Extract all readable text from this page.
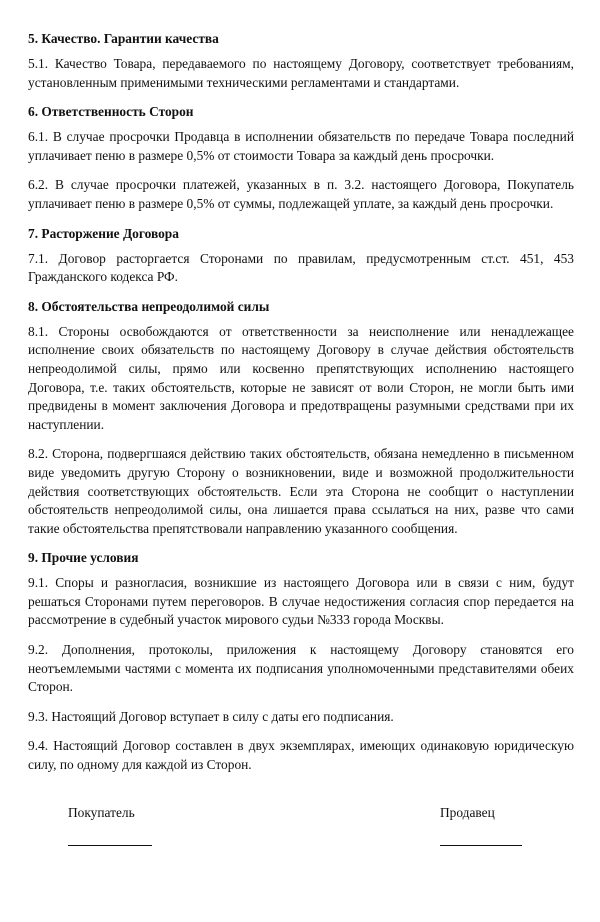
5. Качество. Гарантии качества

5.1. Качество Товара, передаваемого по настоящему Договору, соответствует требованиям, установленным применимыми техническими регламентами и стандартами.

6. Ответственность Сторон

6.1. В случае просрочки Продавца в исполнении обязательств по передаче Товара последний уплачивает пеню в размере 0,5% от стоимости Товара за каждый день просрочки.

6.2. В случае просрочки платежей, указанных в п. 3.2. настоящего Договора, Покупатель уплачивает пеню в размере 0,5% от суммы, подлежащей уплате, за каждый день просрочки.

7. Расторжение Договора

7.1. Договор расторгается Сторонами по правилам, предусмотренным ст.ст. 451, 453 Гражданского кодекса РФ.

8. Обстоятельства непреодолимой силы

8.1. Стороны освобождаются от ответственности за неисполнение или ненадлежащее исполнение своих обязательств по настоящему Договору в случае действия обстоятельств непреодолимой силы, прямо или косвенно препятствующих исполнению настоящего Договора, т.е. таких обстоятельств, которые не зависят от воли Сторон, не могли быть ими предвидены в момент заключения Договора и предотвращены разумными средствами при их наступлении.

8.2. Сторона, подвергшаяся действию таких обстоятельств, обязана немедленно в письменном виде уведомить другую Сторону о возникновении, виде и возможной продолжительности действия соответствующих обстоятельств. Если эта Сторона не сообщит о наступлении обстоятельств непреодолимой силы, она лишается права ссылаться на них, разве что сами такие обстоятельства препятствовали направлению указанного сообщения.

9. Прочие условия

9.1. Споры и разногласия, возникшие из настоящего Договора или в связи с ним, будут решаться Сторонами путем переговоров. В случае недостижения согласия спор передается на рассмотрение в судебный участок мирового судьи №333 города Москвы.

9.2. Дополнения, протоколы, приложения к настоящему Договору становятся его неотъемлемыми частями с момента их подписания уполномоченными представителями обеих Сторон.

9.3. Настоящий Договор вступает в силу с даты его подписания.

9.4. Настоящий Договор составлен в двух экземплярах, имеющих одинаковую юридическую силу, по одному для каждой из Сторон.

Покупатель	Продавец
